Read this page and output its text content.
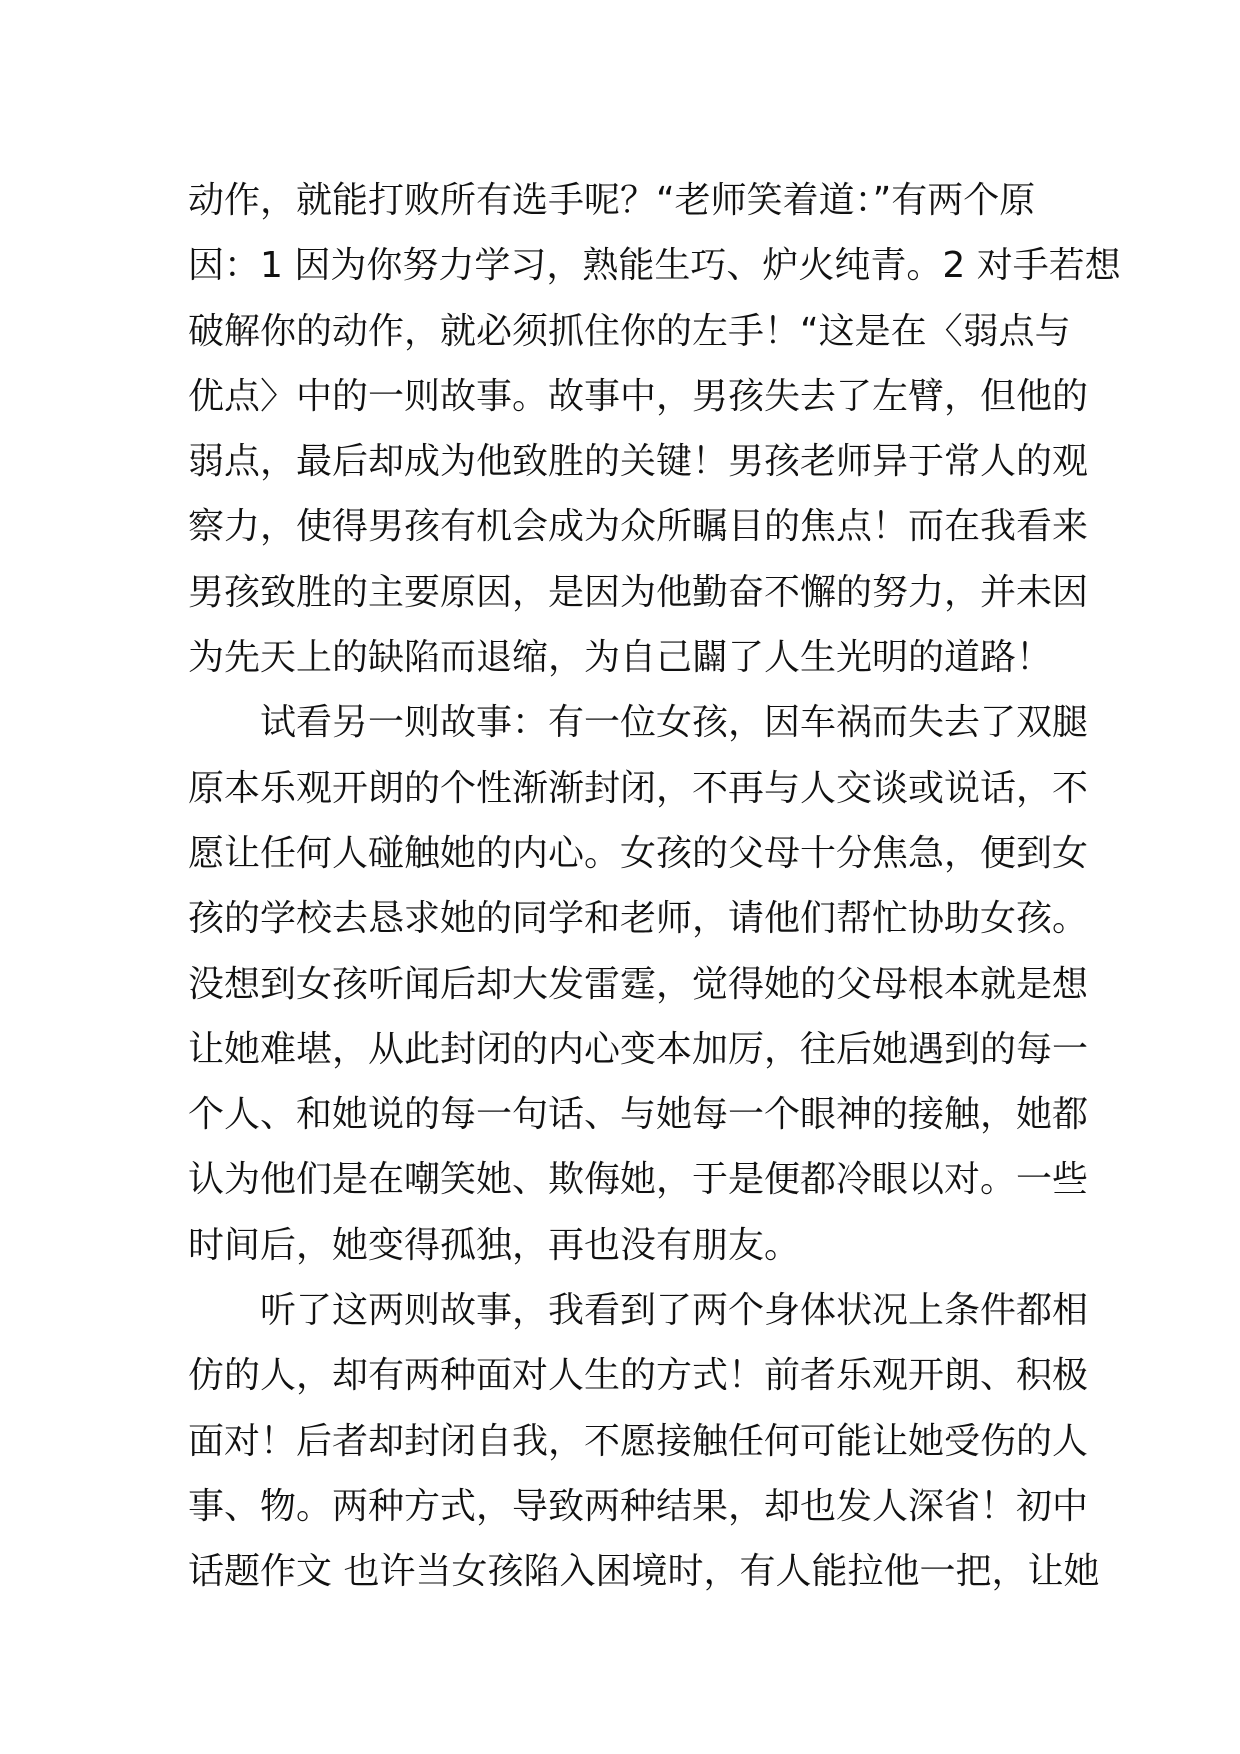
动作，就能打败所有选手呢？“老师笑着道：”有两个原
因：1 因为你努力学习，熟能生巧、炉火纯青。2 对手若想
破解你的动作，就必须抓住你的左手！“这是在〈弱点与
优点〉中的一则故事。故事中，男孩失去了左臂，但他的
弱点，最后却成为他致胜的关键！男孩老师异于常人的观
察力，使得男孩有机会成为众所瞩目的焦点！而在我看来
男孩致胜的主要原因，是因为他勤奋不懈的努力，并未因
为先天上的缺陷而退缩，为自己闢了人生光明的道路！
试看另一则故事：有一位女孩，因车祸而失去了双腿
原本乐观开朗的个性渐渐封闭，不再与人交谈或说话，不
愿让任何人碰触她的内心。女孩的父母十分焦急，便到女
孩的学校去恳求她的同学和老师，请他们帮忙协助女孩。
没想到女孩听闻后却大发雷霆，觉得她的父母根本就是想
让她难堪，从此封闭的内心变本加厉，往后她遇到的每一
个人、和她说的每一句话、与她每一个眼神的接触，她都
认为他们是在嘲笑她、欺侮她，于是便都冷眼以对。一些
时间后，她变得孤独，再也没有朋友。
听了这两则故事，我看到了两个身体状况上条件都相
仿的人，却有两种面对人生的方式！前者乐观开朗、积极
面对！后者却封闭自我，不愿接触任何可能让她受伤的人
事、物。两种方式，导致两种结果，却也发人深省！初中
话题作文 也许当女孩陷入困境时，有人能拉他一把，让她
